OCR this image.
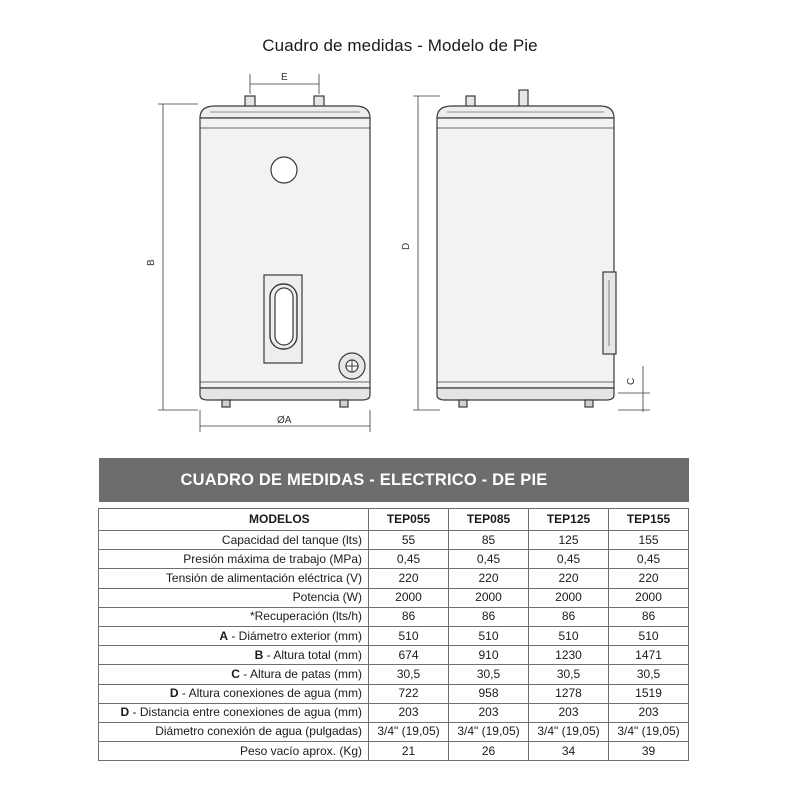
Cuadro de medidas - Modelo de Pie
E
B
ØA
D
C
CUADRO DE MEDIDAS - ELECTRICO - DE PIE				

MODELOS	TEP055	TEP085	TEP125	TEP155
Capacidad del tanque (lts)	55	85	125	155
Presión máxima de trabajo (MPa)	0,45	0,45	0,45	0,45
Tensión de alimentación eléctrica (V)	220	220	220	220
Potencia (W)	2000	2000	2000	2000
*Recuperación (lts/h)	86	86	86	86
A - Diámetro exterior (mm)	510	510	510	510
B - Altura total (mm)	674	910	1230	1471
C - Altura de patas (mm)	30,5	30,5	30,5	30,5
D - Altura conexiones de agua (mm)	722	958	1278	1519
D - Distancia entre conexiones de agua (mm)	203	203	203	203
Diámetro conexión de agua (pulgadas)	3/4" (19,05)	3/4" (19,05)	3/4" (19,05)	3/4" (19,05)
Peso vacío aprox. (Kg)	21	26	34	39
